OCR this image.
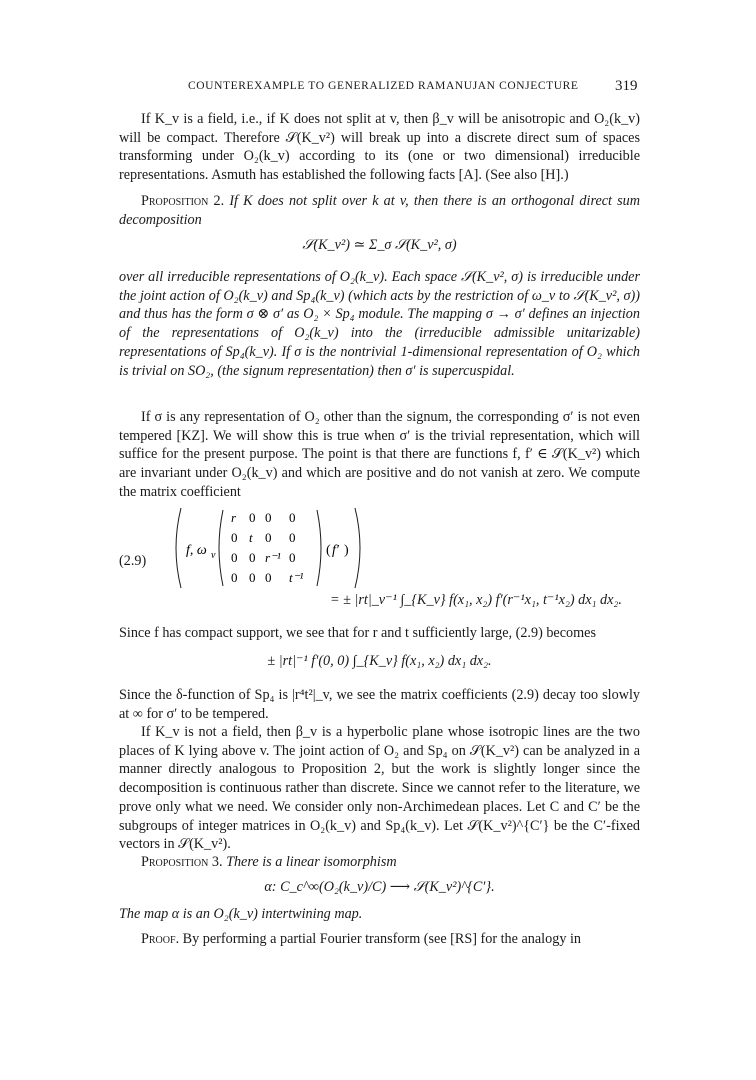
COUNTEREXAMPLE TO GENERALIZED RAMANUJAN CONJECTURE 319

If K_v is a field, i.e., if K does not split at v, then β_v will be anisotropic and O₂(k_v) will be compact. Therefore 𝒮(K_v²) will break up into a discrete direct sum of spaces transforming under O₂(k_v) according to its (one or two dimensional) irreducible representations. Asmuth has established the following facts [A]. (See also [H].)

Proposition 2. If K does not split over k at v, then there is an orthogonal direct sum decomposition

𝒮(K_v²) ≃ Σ_σ 𝒮(K_v², σ)

over all irreducible representations of O₂(k_v). Each space 𝒮(K_v², σ) is irreducible under the joint action of O₂(k_v) and Sp₄(k_v) (which acts by the restriction of ω_v to 𝒮(K_v², σ)) and thus has the form σ ⊗ σ′ as O₂ × Sp₄ module. The mapping σ → σ′ defines an injection of the representations of O₂(k_v) into the (irreducible admissible unitarizable) representations of Sp₄(k_v). If σ is the nontrivial 1-dimensional representation of O₂ which is trivial on SO₂, (the signum representation) then σ′ is supercuspidal.

If σ is any representation of O₂ other than the signum, the corresponding σ′ is not even tempered [KZ]. We will show this is true when σ′ is the trivial representation, which will suffice for the present purpose. The point is that there are functions f, f′ ∈ 𝒮(K_v²) which are invariant under O₂(k_v) and which are positive and do not vanish at zero. We compute the matrix coefficient

(2.9)
f, ω v
r 0 0 0
0 t 0 0
0 0 r⁻¹ 0
0 0 0 t⁻¹
( f′ )
= ± |rt|_v⁻¹ ∫_{K_v} f(x₁, x₂) f′(r⁻¹x₁, t⁻¹x₂) dx₁ dx₂.

Since f has compact support, we see that for r and t sufficiently large, (2.9) becomes

± |rt|⁻¹ f′(0, 0) ∫_{K_v} f(x₁, x₂) dx₁ dx₂.

Since the δ-function of Sp₄ is |r⁴t²|_v, we see the matrix coefficients (2.9) decay too slowly at ∞ for σ′ to be tempered.

If K_v is not a field, then β_v is a hyperbolic plane whose isotropic lines are the two places of K lying above v. The joint action of O₂ and Sp₄ on 𝒮(K_v²) can be analyzed in a manner directly analogous to Proposition 2, but the work is slightly longer since the decomposition is continuous rather than discrete. Since we cannot refer to the literature, we prove only what we need. We consider only non-Archimedean places. Let C and C′ be the subgroups of integer matrices in O₂(k_v) and Sp₄(k_v). Let 𝒮(K_v²)^{C′} be the C′-fixed vectors in 𝒮(K_v²).

Proposition 3. There is a linear isomorphism

α: C_c^∞(O₂(k_v)/C) ⟶ 𝒮(K_v²)^{C′}.

The map α is an O₂(k_v) intertwining map.

Proof. By performing a partial Fourier transform (see [RS] for the analogy in
